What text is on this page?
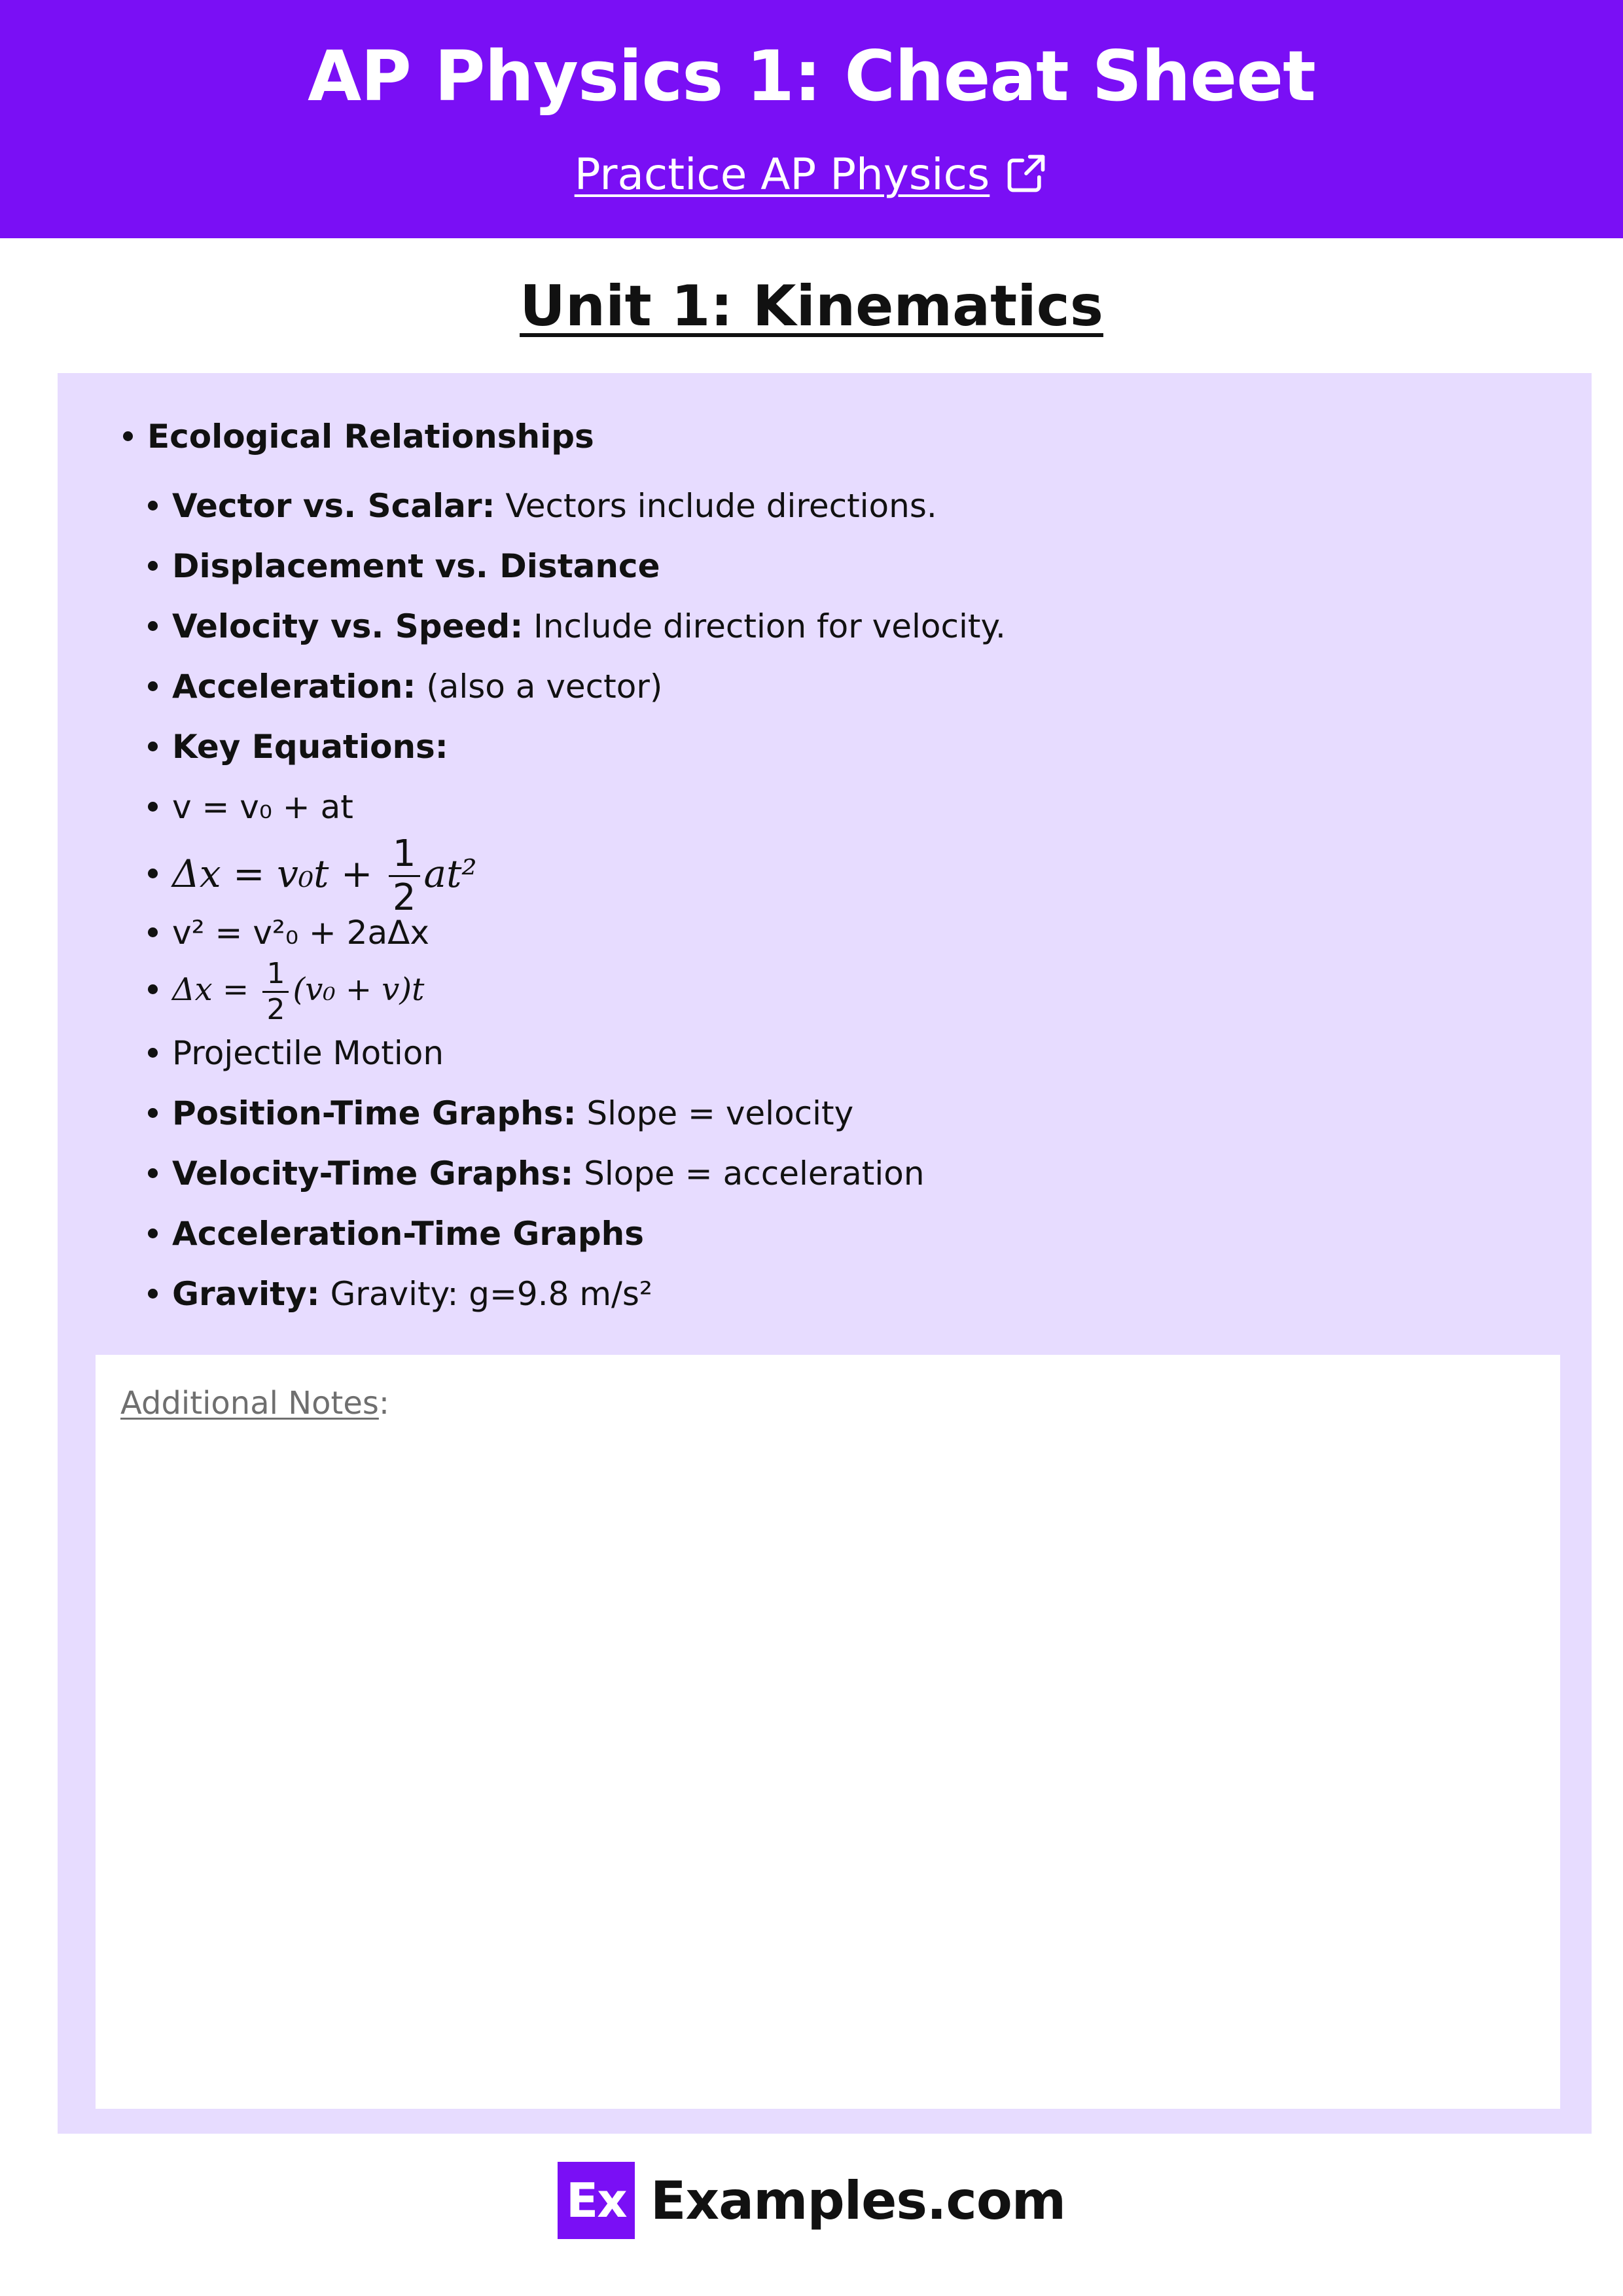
AP Physics 1: Cheat Sheet
Practice AP Physics
Unit 1: Kinematics
Ecological Relationships
Vector vs. Scalar: Vectors include directions.
Displacement vs. Distance
Velocity vs. Speed: Include direction for velocity.
Acceleration: (also a vector)
Key Equations:
v = v₀ + at
$\Delta x = v_0t + \frac{1}{2} at^2$
v² = v²₀ + 2aΔx
$\Delta x = \frac{1}{2} (v_0 + v)t$
Projectile Motion
Position-Time Graphs: Slope = velocity
Velocity-Time Graphs: Slope = acceleration
Acceleration-Time Graphs
Gravity: Gravity: g=9.8 m/s²
Additional Notes:
Ex Examples.com
